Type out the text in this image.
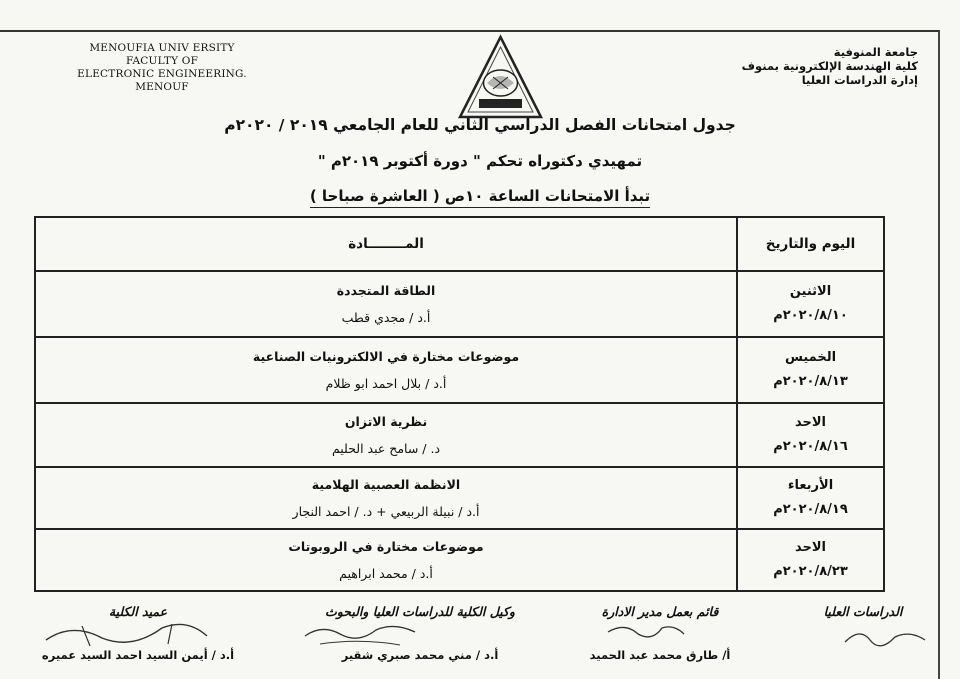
MENOUFIA UNIV ERSITY
FACULTY OF
ELECTRONIC ENGINEERING.
MENOUF
جامعة المنوفية
كلية الهندسة الإلكترونية بمنوف
إدارة الدراسات العليا
جدول امتحانات الفصل الدراسي الثاني للعام الجامعي ٢٠١٩ / ٢٠٢٠م
تمهيدي دكتوراه تحكم " دورة أكتوبر ٢٠١٩م "
تبدأ الامتحانات الساعة ١٠ص ( العاشرة صباحا )
اليوم والتاريخ
المــــــــادة
الاثنين
٢٠٢٠/٨/١٠م
الطاقة المتجددة
أ.د / مجدي قطب
الخميس
٢٠٢٠/٨/١٣م
موضوعات مختارة في الالكترونيات الصناعية
أ.د / بلال احمد ابو ظلام
الاحد
٢٠٢٠/٨/١٦م
نظرية الاتزان
د. / سامح عبد الحليم
الأربعاء
٢٠٢٠/٨/١٩م
الانظمة العصبية الهلامية
أ.د / نبيلة الربيعي + د. / احمد النجار
الاحد
٢٠٢٠/٨/٢٣م
موضوعات مختارة في الروبوتات
أ.د / محمد ابراهيم
الدراسات العليا
قائم بعمل مدير الادارة
أ/ طارق محمد عبد الحميد
وكيل الكلية للدراسات العليا والبحوث
أ.د / مني محمد صبري شقير
عميد الكلية
أ.د / أيمن السيد احمد السيد عميره
